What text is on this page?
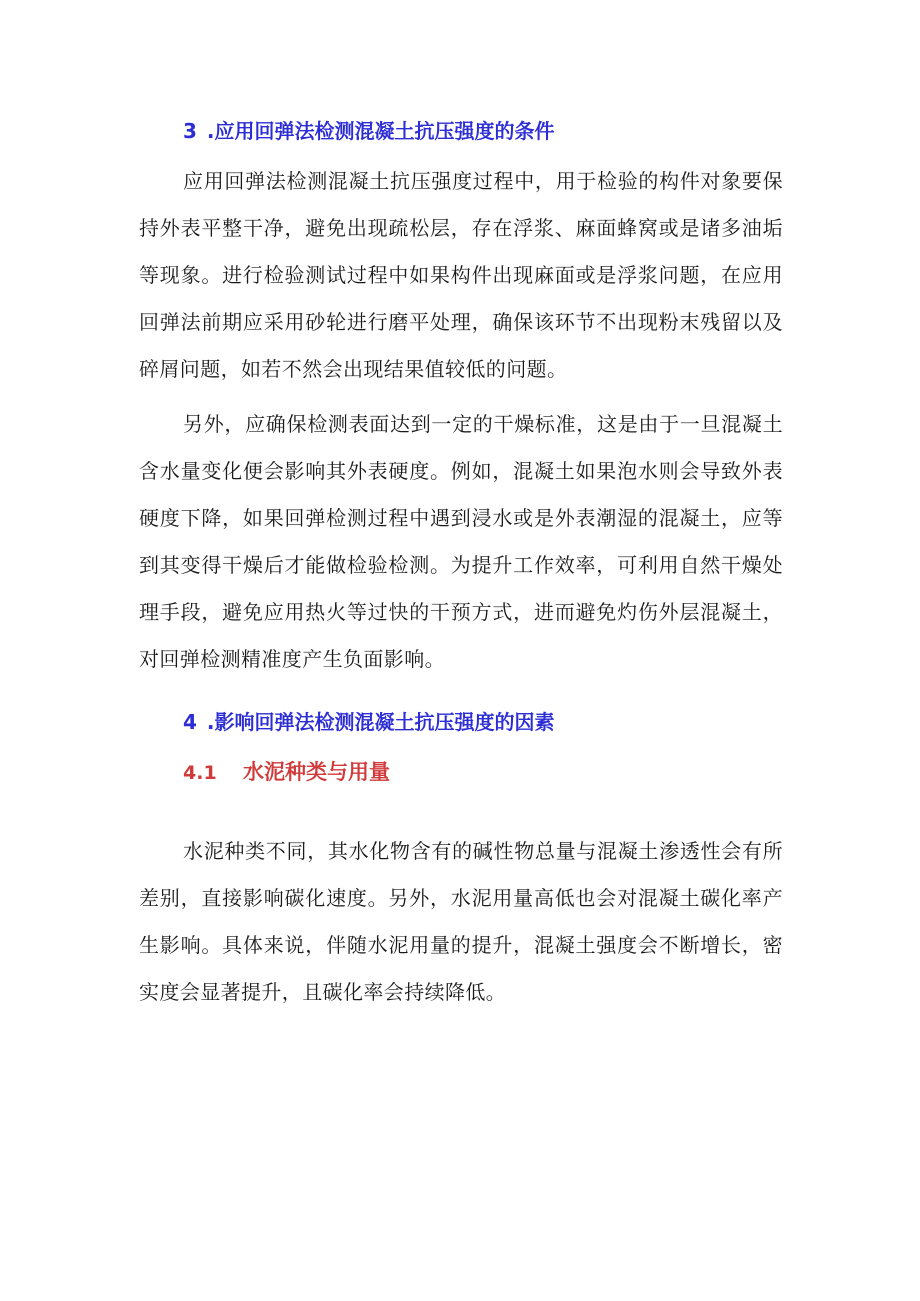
3 .应用回弹法检测混凝土抗压强度的条件

应用回弹法检测混凝土抗压强度过程中，用于检验的构件对象要保持外表平整干净，避免出现疏松层，存在浮浆、麻面蜂窝或是诸多油垢等现象。进行检验测试过程中如果构件出现麻面或是浮浆问题，在应用回弹法前期应采用砂轮进行磨平处理，确保该环节不出现粉末残留以及碎屑问题，如若不然会出现结果值较低的问题。

另外，应确保检测表面达到一定的干燥标准，这是由于一旦混凝土含水量变化便会影响其外表硬度。例如，混凝土如果泡水则会导致外表硬度下降，如果回弹检测过程中遇到浸水或是外表潮湿的混凝土，应等到其变得干燥后才能做检验检测。为提升工作效率，可利用自然干燥处理手段，避免应用热火等过快的干预方式，进而避免灼伤外层混凝土，对回弹检测精准度产生负面影响。

4 .影响回弹法检测混凝土抗压强度的因素
4.1 水泥种类与用量

水泥种类不同，其水化物含有的碱性物总量与混凝土渗透性会有所差别，直接影响碳化速度。另外，水泥用量高低也会对混凝土碳化率产生影响。具体来说，伴随水泥用量的提升，混凝土强度会不断增长，密实度会显著提升，且碳化率会持续降低。
